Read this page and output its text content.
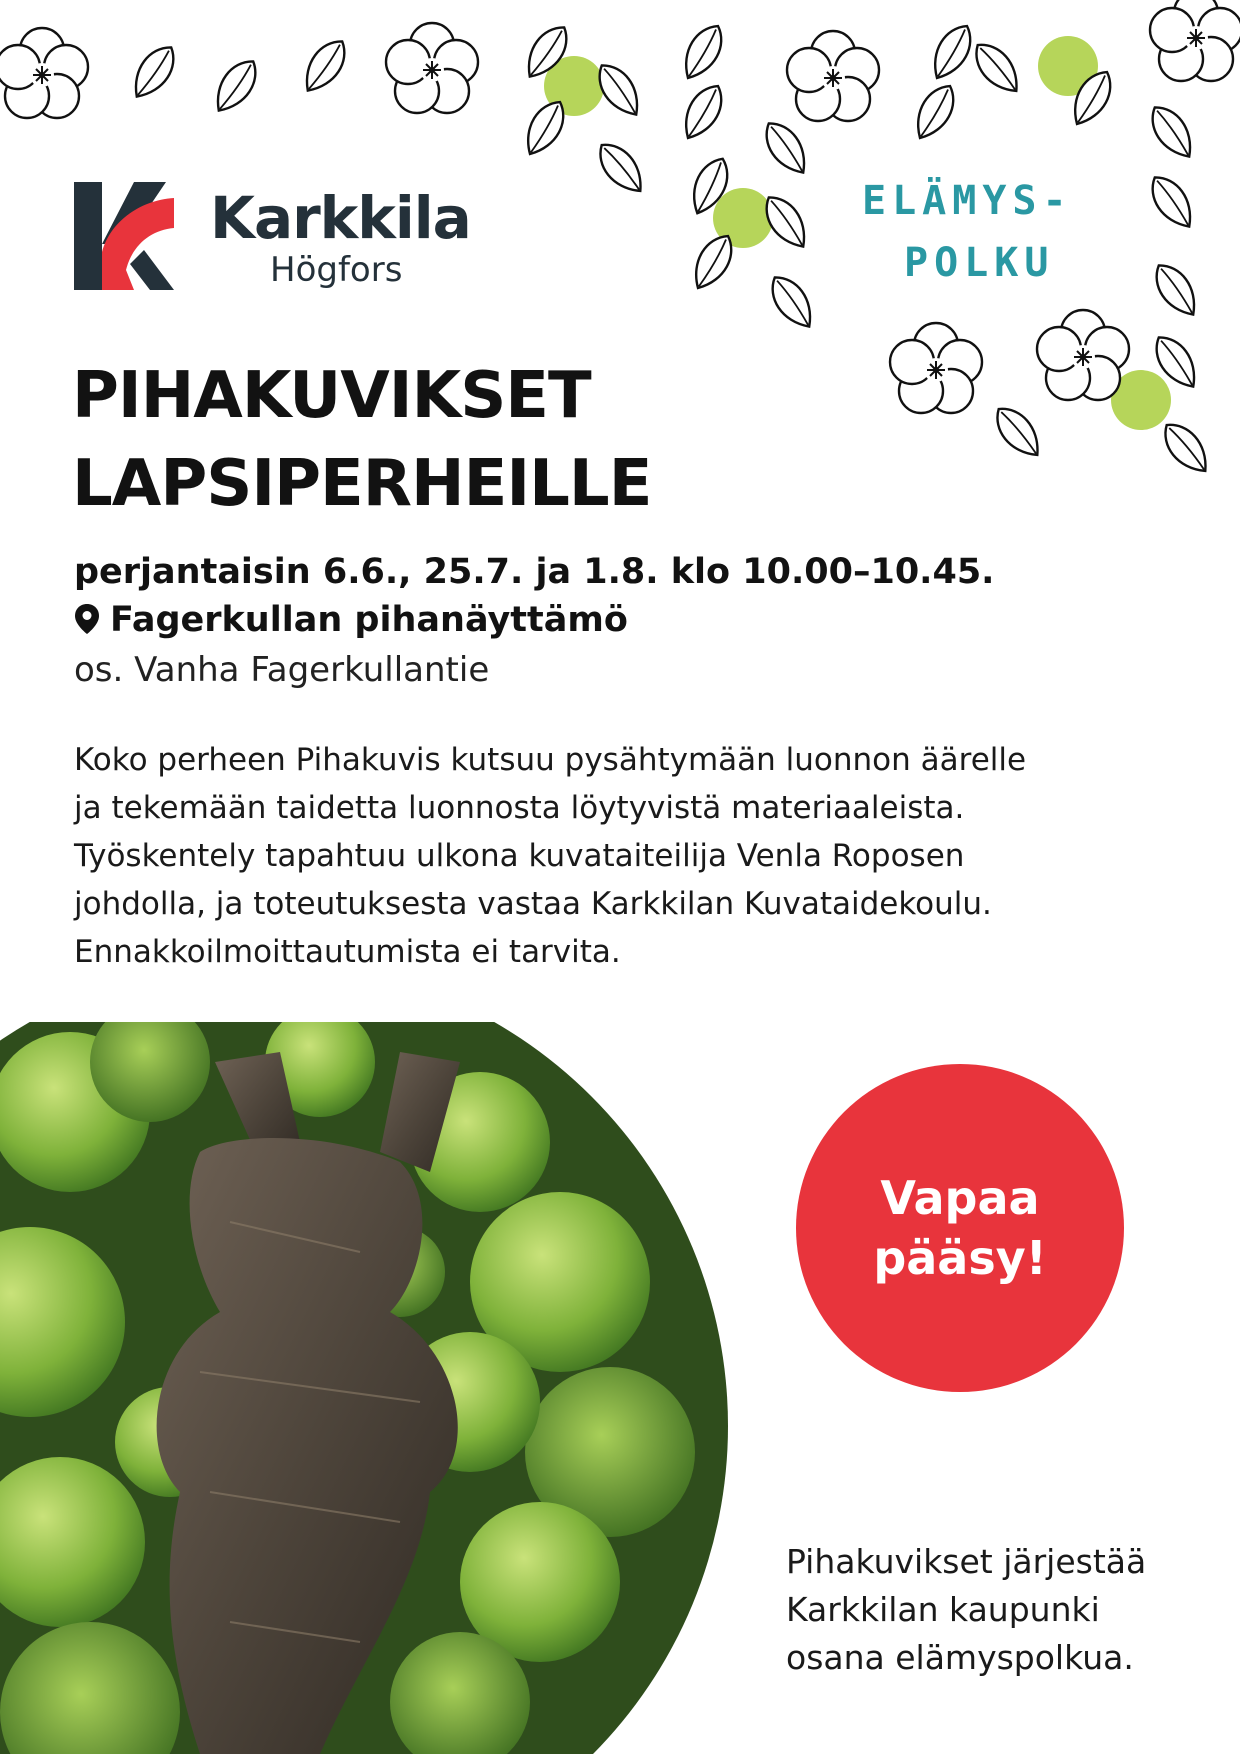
Karkkila
Högfors
ELÄMYS-
POLKU
PIHAKUVIKSET
LAPSIPERHEILLE
perjantaisin 6.6., 25.7. ja 1.8. klo 10.00–10.45.
Fagerkullan pihanäyttämö
os. Vanha Fagerkullantie
Koko perheen Pihakuvis kutsuu pysähtymään luonnon äärelle
ja tekemään taidetta luonnosta löytyvistä materiaaleista.
Työskentely tapahtuu ulkona kuvataiteilija Venla Roposen
johdolla, ja toteutuksesta vastaa Karkkilan Kuvataidekoulu.
Ennakkoilmoittautumista ei tarvita.
Vapaa
pääsy!
Pihakuvikset järjestää
Karkkilan kaupunki
osana elämyspolkua.
